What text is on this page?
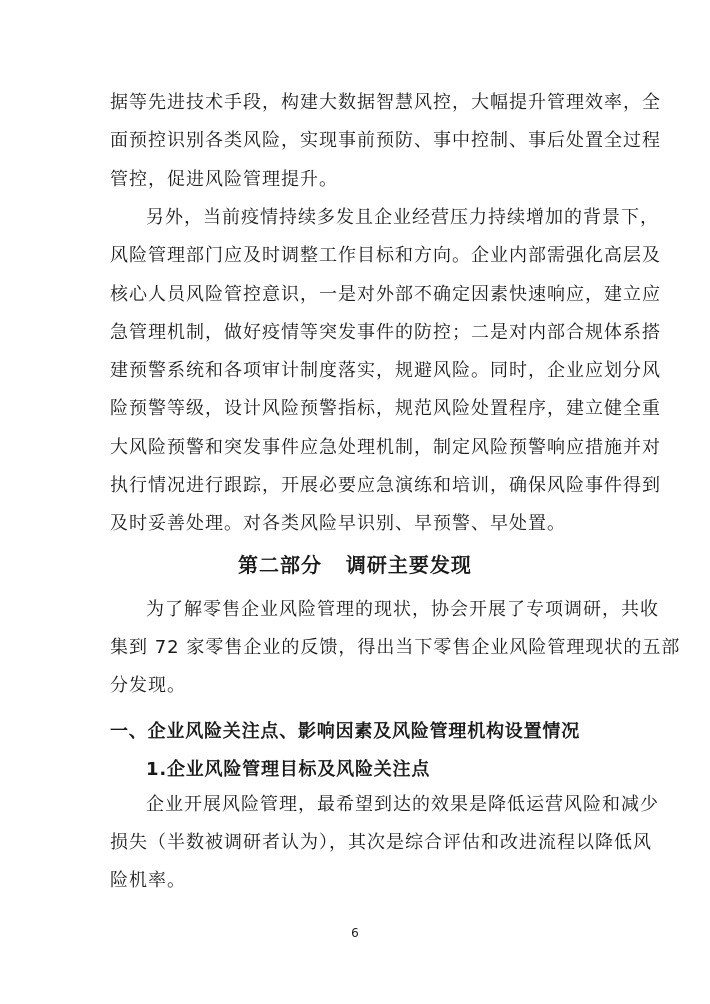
据等先进技术手段，构建大数据智慧风控，大幅提升管理效率，全
面预控识别各类风险，实现事前预防、事中控制、事后处置全过程
管控，促进风险管理提升。
另外，当前疫情持续多发且企业经营压力持续增加的背景下，
风险管理部门应及时调整工作目标和方向。企业内部需强化高层及
核心人员风险管控意识，一是对外部不确定因素快速响应，建立应
急管理机制，做好疫情等突发事件的防控；二是对内部合规体系搭
建预警系统和各项审计制度落实，规避风险。同时，企业应划分风
险预警等级，设计风险预警指标，规范风险处置程序，建立健全重
大风险预警和突发事件应急处理机制，制定风险预警响应措施并对
执行情况进行跟踪，开展必要应急演练和培训，确保风险事件得到
及时妥善处理。对各类风险早识别、早预警、早处置。
第二部分   调研主要发现
为了解零售企业风险管理的现状，协会开展了专项调研，共收
集到 72 家零售企业的反馈，得出当下零售企业风险管理现状的五部
分发现。
一、企业风险关注点、影响因素及风险管理机构设置情况
1.企业风险管理目标及风险关注点
企业开展风险管理，最希望到达的效果是降低运营风险和减少
损失（半数被调研者认为），其次是综合评估和改进流程以降低风
险机率。
6
